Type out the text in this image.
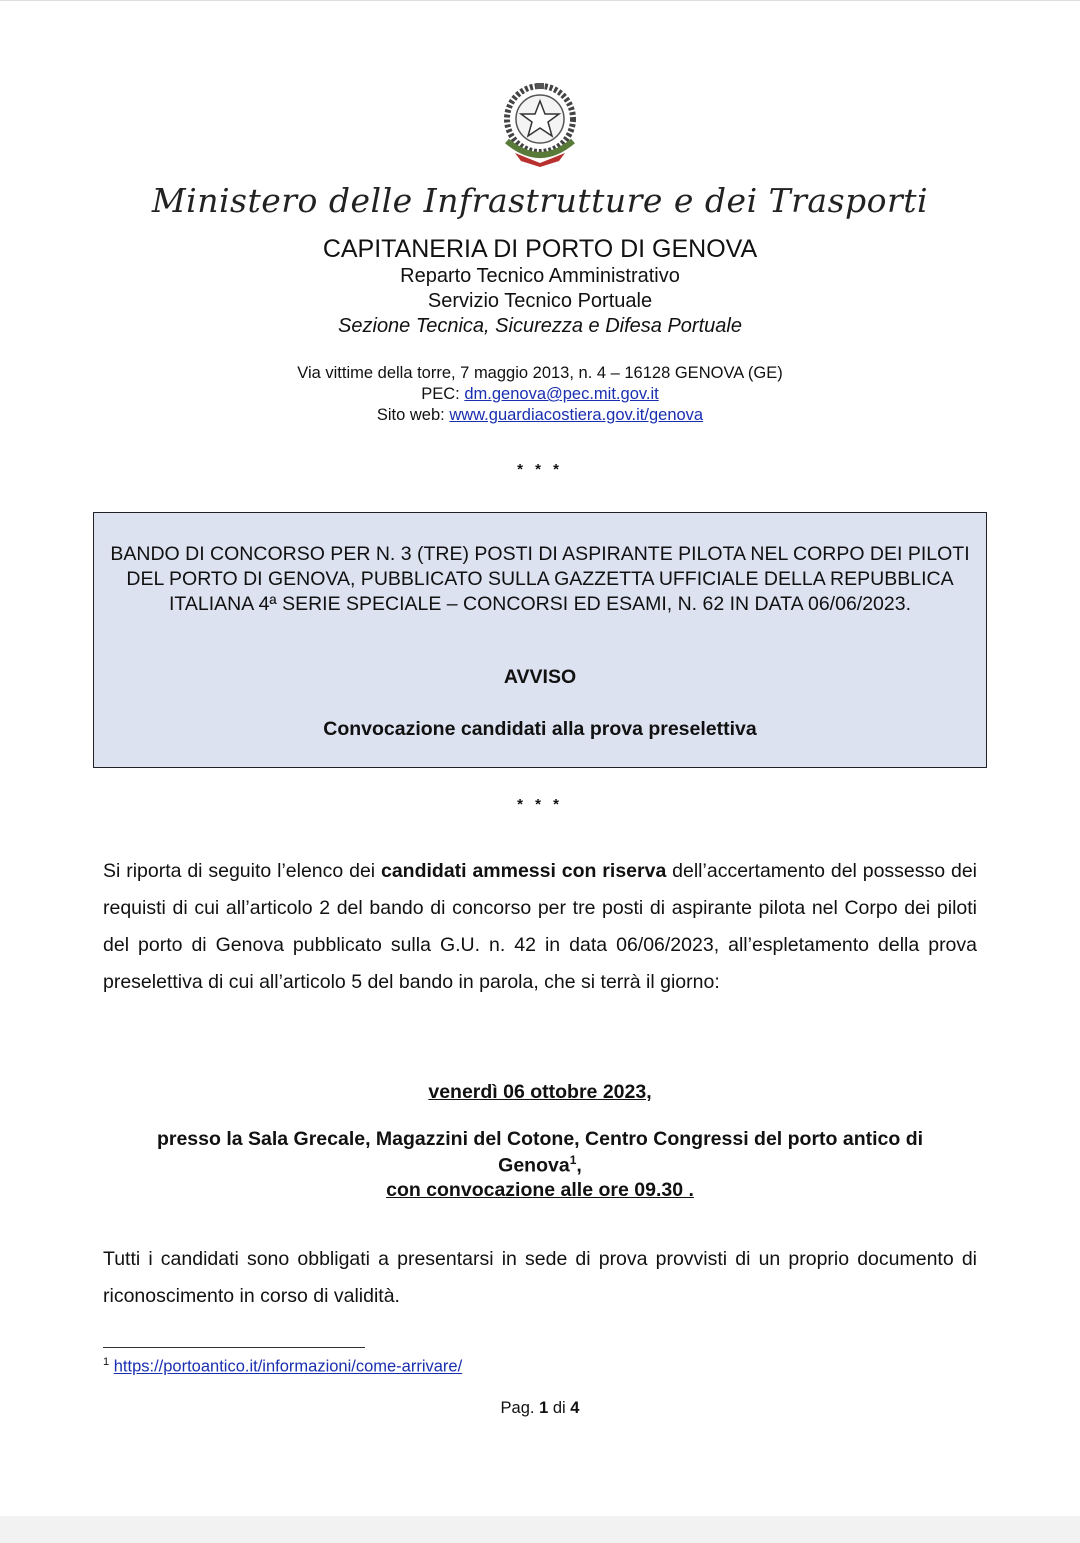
Ministero delle Infrastrutture e dei Trasporti
CAPITANERIA DI PORTO DI GENOVA
Reparto Tecnico Amministrativo
Servizio Tecnico Portuale
Sezione Tecnica, Sicurezza e Difesa Portuale
Via vittime della torre, 7 maggio 2013, n. 4 – 16128 GENOVA (GE)
PEC: dm.genova@pec.mit.gov.it
Sito web: www.guardiacostiera.gov.it/genova
* * *
BANDO DI CONCORSO PER N. 3 (TRE) POSTI DI ASPIRANTE PILOTA NEL CORPO DEI PILOTI DEL PORTO DI GENOVA, PUBBLICATO SULLA GAZZETTA UFFICIALE DELLA REPUBBLICA ITALIANA 4ª SERIE SPECIALE – CONCORSI ED ESAMI, N. 62 IN DATA 06/06/2023.
AVVISO
Convocazione candidati alla prova preselettiva
* * *
Si riporta di seguito l’elenco dei candidati ammessi con riserva dell’accertamento del possesso dei requisti di cui all’articolo 2 del bando di concorso per tre posti di aspirante pilota nel Corpo dei piloti del porto di Genova pubblicato sulla G.U. n. 42 in data 06/06/2023, all’espletamento della prova preselettiva di cui all’articolo 5 del bando in parola, che si terrà il giorno:
venerdì 06 ottobre 2023,
presso la Sala Grecale, Magazzini del Cotone, Centro Congressi del porto antico di
Genova$^1$,
con convocazione alle ore 09.30 .
Tutti i candidati sono obbligati a presentarsi in sede di prova provvisti di un proprio documento di riconoscimento in corso di validità.
$^1$ https://portoantico.it/informazioni/come-arrivare/
Pag. 1 di 4
